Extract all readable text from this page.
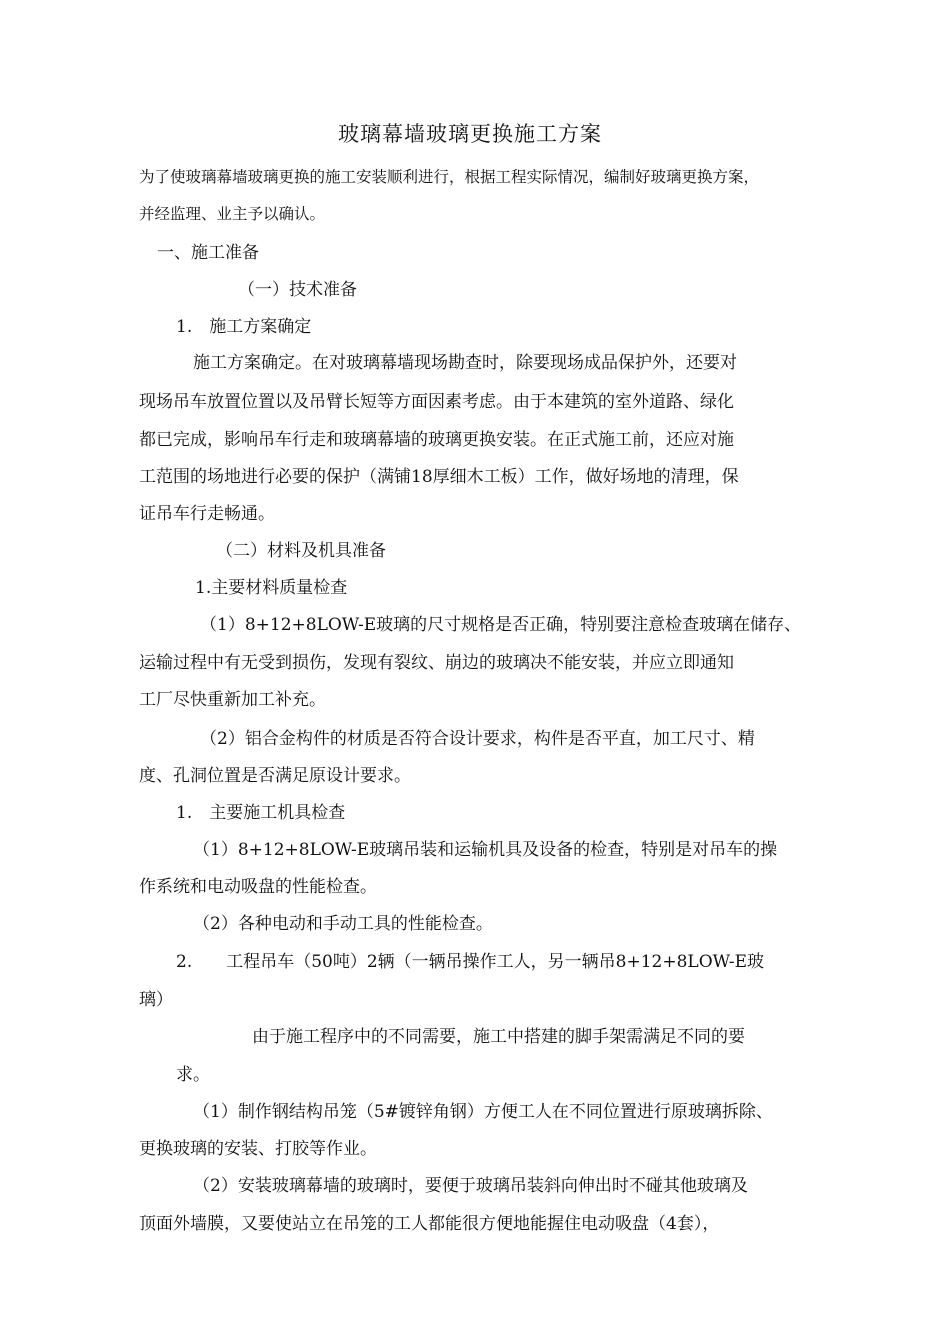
玻璃幕墙玻璃更换施工方案
为了使玻璃幕墙玻璃更换的施工安装顺利进行，根据工程实际情况，编制好玻璃更换方案，
并经监理、业主予以确认。
一、施工准备
（一）技术准备
1.　施工方案确定
施工方案确定。在对玻璃幕墙现场勘查时，除要现场成品保护外，还要对
现场吊车放置位置以及吊臂长短等方面因素考虑。由于本建筑的室外道路、绿化
都已完成，影响吊车行走和玻璃幕墙的玻璃更换安装。在正式施工前，还应对施
工范围的场地进行必要的保护（满铺18厚细木工板）工作，做好场地的清理，保
证吊车行走畅通。
（二）材料及机具准备
1.主要材料质量检查
（1）8+12+8LOW-E玻璃的尺寸规格是否正确，特别要注意检查玻璃在储存、
运输过程中有无受到损伤，发现有裂纹、崩边的玻璃决不能安装，并应立即通知
工厂尽快重新加工补充。
（2）铝合金构件的材质是否符合设计要求，构件是否平直，加工尺寸、精
度、孔洞位置是否满足原设计要求。
1.　主要施工机具检查
（1）8+12+8LOW-E玻璃吊装和运输机具及设备的检查，特别是对吊车的操
作系统和电动吸盘的性能检查。
（2）各种电动和手动工具的性能检查。
2.　　工程吊车（50吨）2辆（一辆吊操作工人，另一辆吊8+12+8LOW-E玻
璃）
由于施工程序中的不同需要，施工中搭建的脚手架需满足不同的要
求。
（1）制作钢结构吊笼（5#镀锌角钢）方便工人在不同位置进行原玻璃拆除、
更换玻璃的安装、打胶等作业。
（2）安装玻璃幕墙的玻璃时，要便于玻璃吊装斜向伸出时不碰其他玻璃及
顶面外墙膜，又要使站立在吊笼的工人都能很方便地能握住电动吸盘（4套），
